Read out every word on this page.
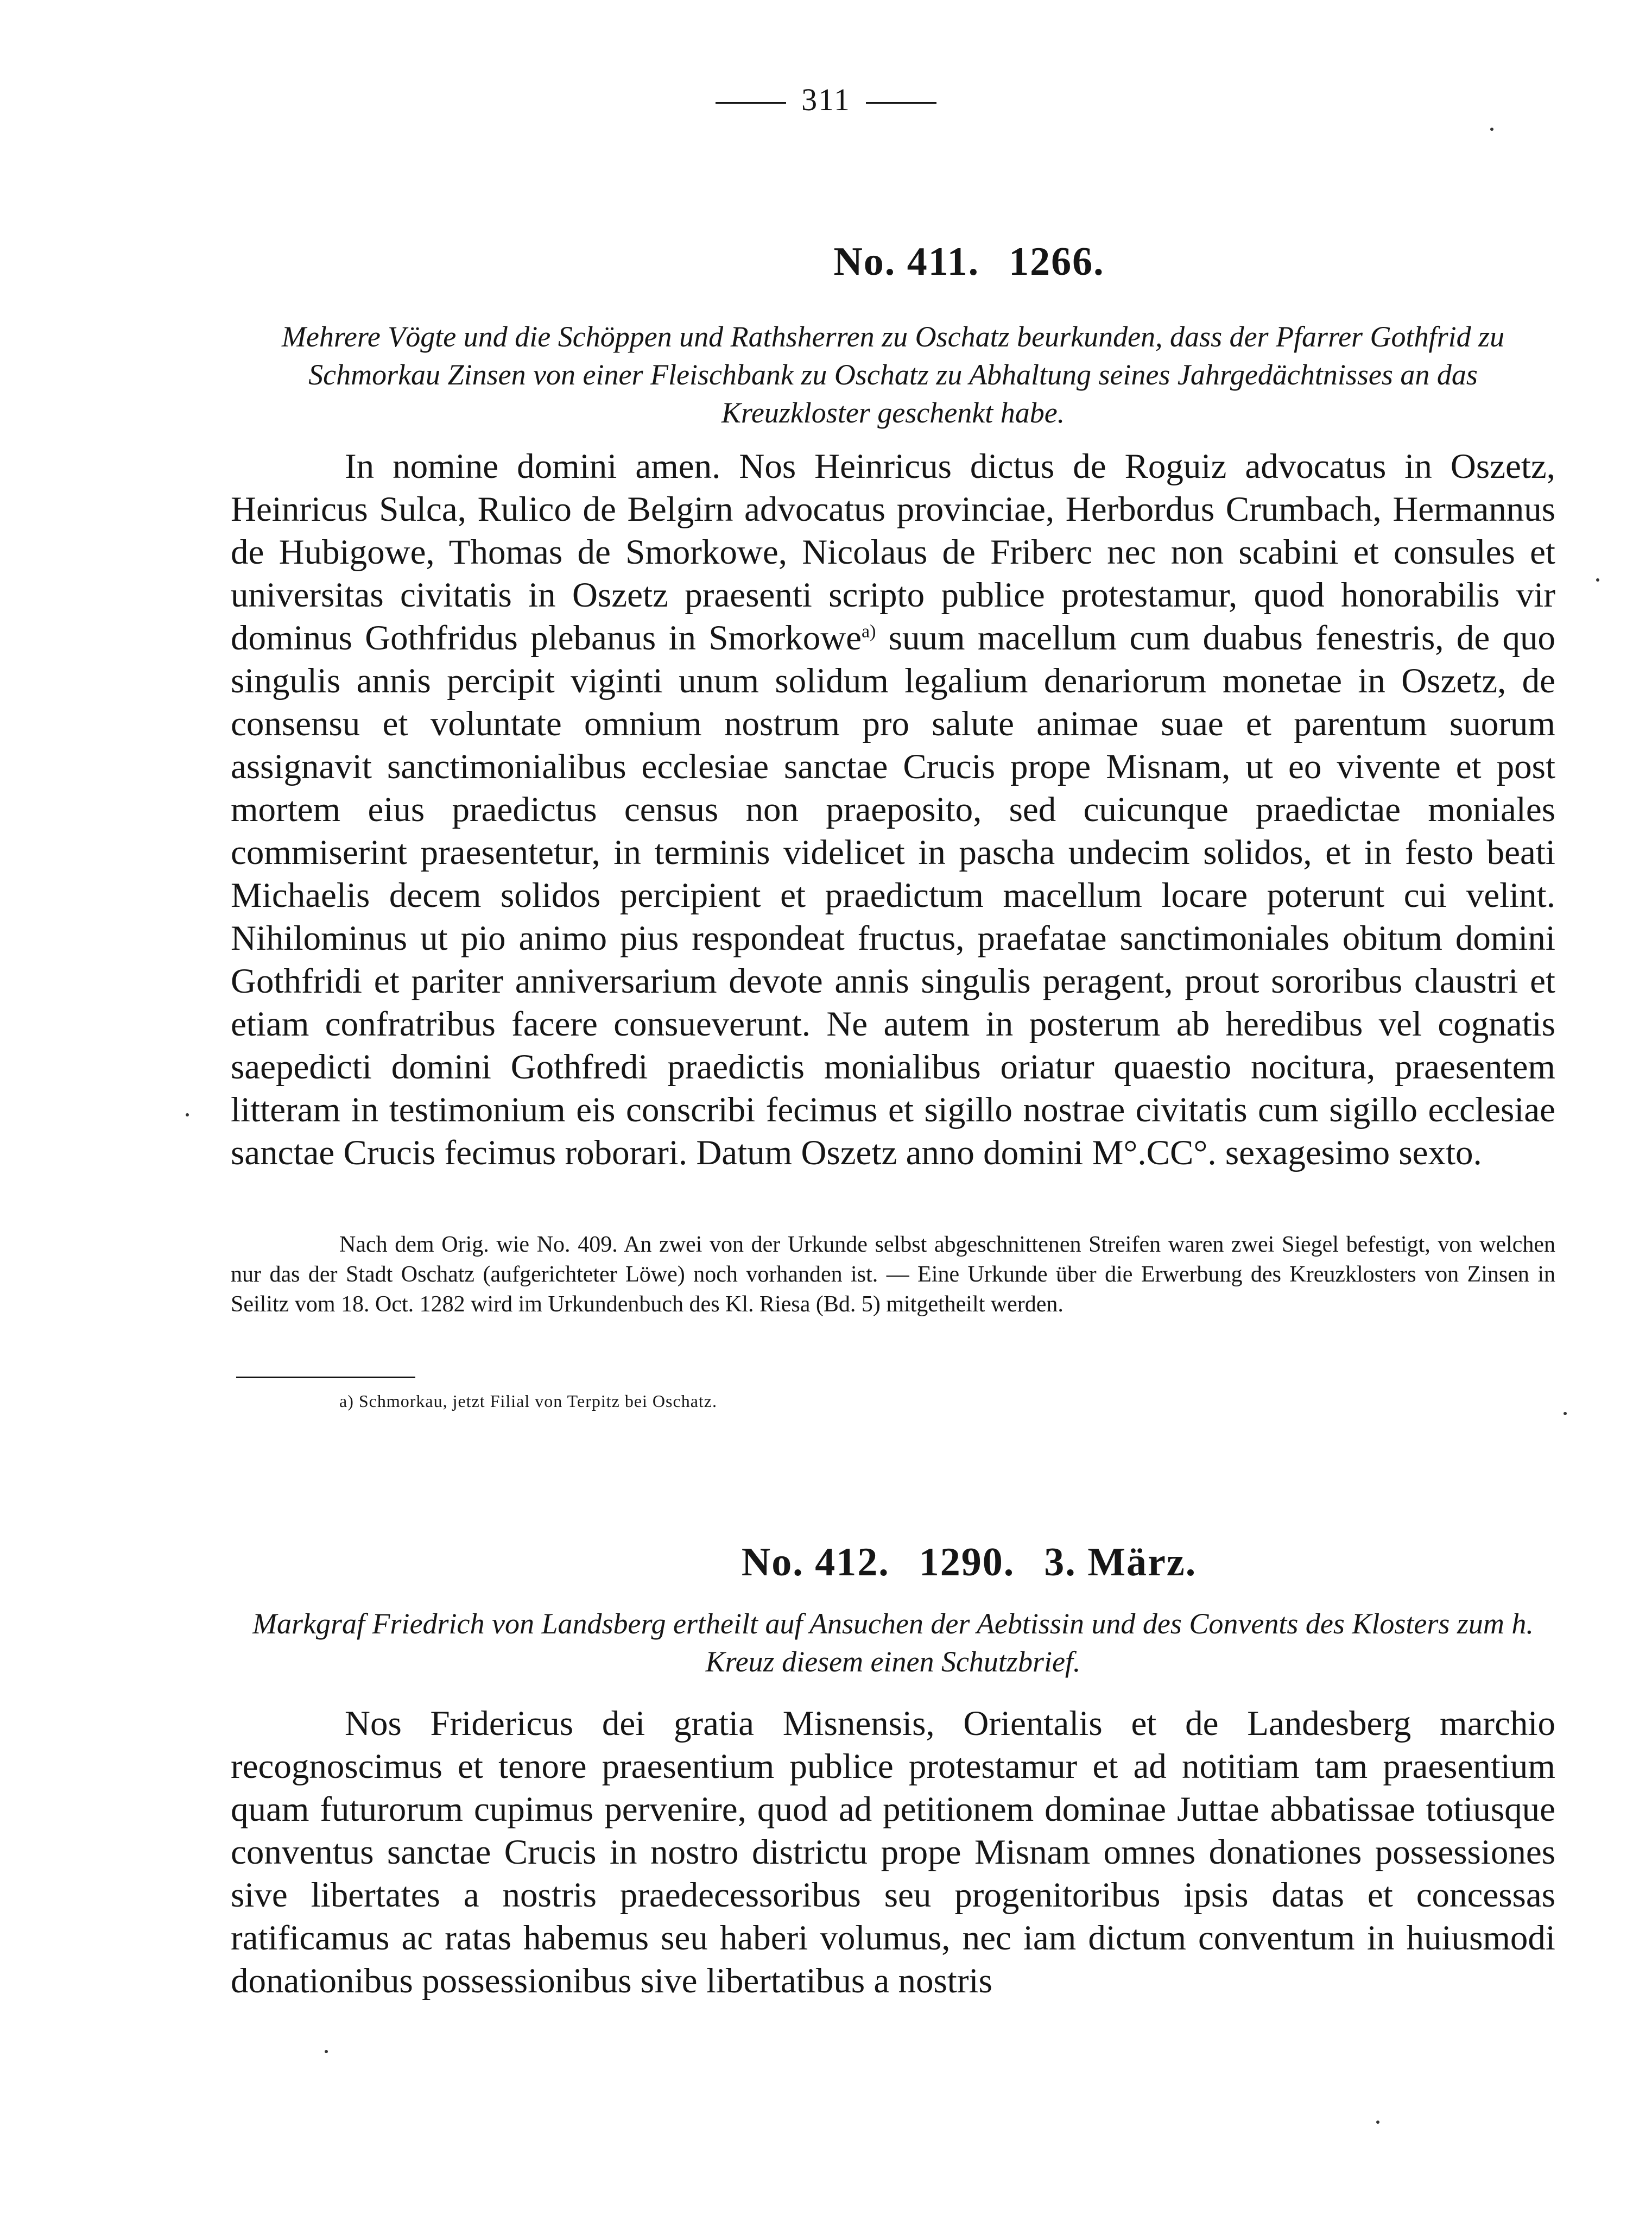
311
No. 411. 1266.

Mehrere Vögte und die Schöppen und Rathsherren zu Oschatz beurkunden, dass der Pfarrer Gothfrid zu Schmorkau Zinsen von einer Fleischbank zu Oschatz zu Abhaltung seines Jahrgedächtnisses an das Kreuzkloster geschenkt habe.

In nomine domini amen. Nos Heinricus dictus de Roguiz advocatus in Oszetz, Heinricus Sulca, Rulico de Belgirn advocatus provinciae, Herbordus Crumbach, Hermannus de Hubigowe, Thomas de Smorkowe, Nicolaus de Friberc nec non scabini et consules et universitas civitatis in Oszetz praesenti scripto publice protestamur, quod honorabilis vir dominus Gothfridus plebanus in Smorkowe$^{a)}$ suum macellum cum duabus fenestris, de quo singulis annis percipit viginti unum solidum legalium denariorum monetae in Oszetz, de consensu et voluntate omnium nostrum pro salute animae suae et parentum suorum assignavit sanctimonialibus ecclesiae sanctae Crucis prope Misnam, ut eo vivente et post mortem eius praedictus census non praeposito, sed cuicunque praedictae moniales commiserint praesentetur, in terminis videlicet in pascha undecim solidos, et in festo beati Michaelis decem solidos percipient et praedictum macellum locare poterunt cui velint. Nihilominus ut pio animo pius respondeat fructus, praefatae sanctimoniales obitum domini Gothfridi et pariter anniversarium devote annis singulis peragent, prout sororibus claustri et etiam confratribus facere consueverunt. Ne autem in posterum ab heredibus vel cognatis saepedicti domini Gothfredi praedictis monialibus oriatur quaestio nocitura, praesentem litteram in testimonium eis conscribi fecimus et sigillo nostrae civitatis cum sigillo ecclesiae sanctae Crucis fecimus roborari. Datum Oszetz anno domini M°.CC°. sexagesimo sexto.

Nach dem Orig. wie No. 409. An zwei von der Urkunde selbst abgeschnittenen Streifen waren zwei Siegel befestigt, von welchen nur das der Stadt Oschatz (aufgerichteter Löwe) noch vorhanden ist. — Eine Urkunde über die Erwerbung des Kreuzklosters von Zinsen in Seilitz vom 18. Oct. 1282 wird im Urkundenbuch des Kl. Riesa (Bd. 5) mitgetheilt werden.

a) Schmorkau, jetzt Filial von Terpitz bei Oschatz.

No. 412. 1290. 3. März.

Markgraf Friedrich von Landsberg ertheilt auf Ansuchen der Aebtissin und des Convents des Klosters zum h. Kreuz diesem einen Schutzbrief.

Nos Fridericus dei gratia Misnensis, Orientalis et de Landesberg marchio recognoscimus et tenore praesentium publice protestamur et ad notitiam tam praesentium quam futurorum cupimus pervenire, quod ad petitionem dominae Juttae abbatissae totiusque conventus sanctae Crucis in nostro districtu prope Misnam omnes donationes possessiones sive libertates a nostris praedecessoribus seu progenitoribus ipsis datas et concessas ratificamus ac ratas habemus seu haberi volumus, nec iam dictum conventum in huiusmodi donationibus possessionibus sive libertatibus a nostris
